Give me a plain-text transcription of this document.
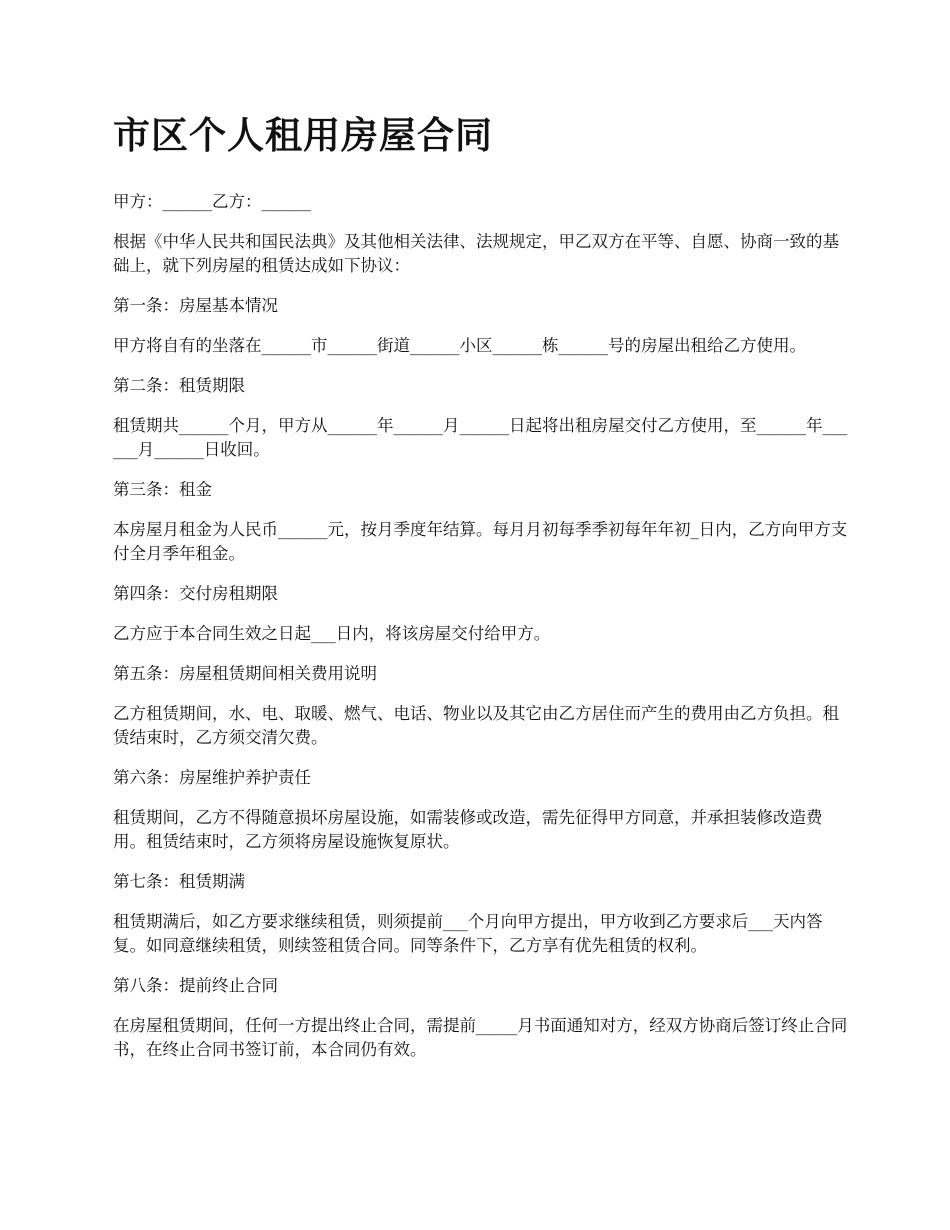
市区个人租用房屋合同

甲方：______乙方：______

根据《中华人民共和国民法典》及其他相关法律、法规规定，甲乙双方在平等、自愿、协商一致的基础上，就下列房屋的租赁达成如下协议：

第一条：房屋基本情况

甲方将自有的坐落在______市______街道______小区______栋______号的房屋出租给乙方使用。

第二条：租赁期限

租赁期共______个月，甲方从______年______月______日起将出租房屋交付乙方使用，至______年______月______日收回。

第三条：租金

本房屋月租金为人民币______元，按月季度年结算。每月月初每季季初每年年初_日内，乙方向甲方支付全月季年租金。

第四条：交付房租期限

乙方应于本合同生效之日起___日内，将该房屋交付给甲方。

第五条：房屋租赁期间相关费用说明

乙方租赁期间，水、电、取暖、燃气、电话、物业以及其它由乙方居住而产生的费用由乙方负担。租赁结束时，乙方须交清欠费。

第六条：房屋维护养护责任

租赁期间，乙方不得随意损坏房屋设施，如需装修或改造，需先征得甲方同意，并承担装修改造费用。租赁结束时，乙方须将房屋设施恢复原状。

第七条：租赁期满

租赁期满后，如乙方要求继续租赁，则须提前___个月向甲方提出，甲方收到乙方要求后___天内答复。如同意继续租赁，则续签租赁合同。同等条件下，乙方享有优先租赁的权利。

第八条：提前终止合同

在房屋租赁期间，任何一方提出终止合同，需提前_____月书面通知对方，经双方协商后签订终止合同书，在终止合同书签订前，本合同仍有效。
